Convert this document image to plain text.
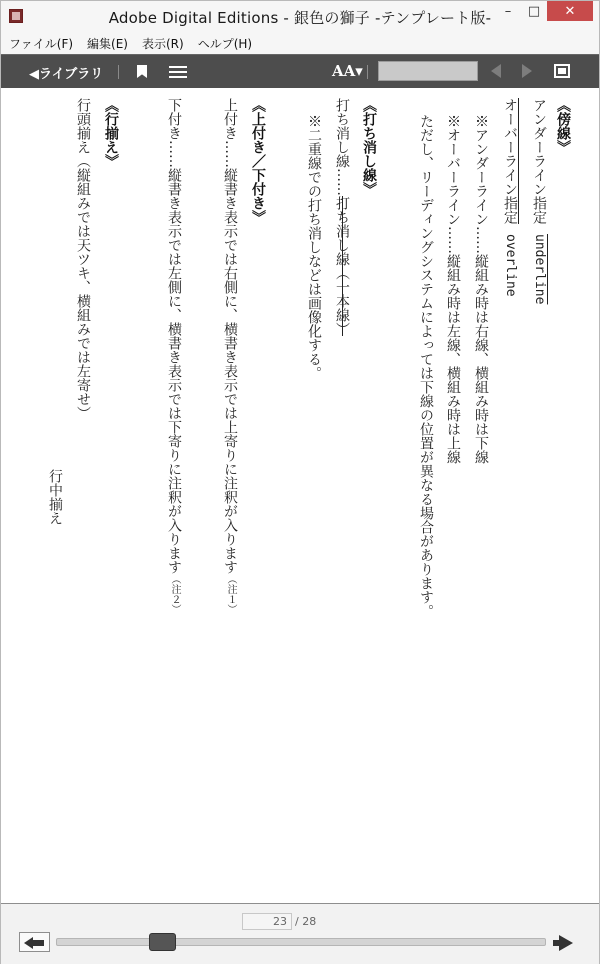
Adobe Digital Editions - 銀色の獅子 -テンプレート版-	–	□	✕
ファイル(F) 編集(E) 表示(R) ヘルプ(H)
◀ライブラリ	AA▾
《傍線》
アンダーライン指定underline
オーバーライン指定overline
※アンダーライン……縦組み時は右線、横組み時は下線
※オーバーライン……縦組み時は左線、横組み時は上線
ただし、リーディングシステムによっては下線の位置が異なる場合があります。
《打ち消し線》
打ち消し線……打ち消し線（一本線）
※二重線での打ち消しなどは画像化する。
《上付き／下付き》
上付き……縦書き表示では右側に、横書き表示では上寄りに注釈が入ります（注１）
下付き……縦書き表示では左側に、横書き表示では下寄りに注釈が入ります（注２）
《行揃え》
行頭揃え（縦組みでは天ツキ、横組みでは左寄せ）
行中揃え
23 / 28
